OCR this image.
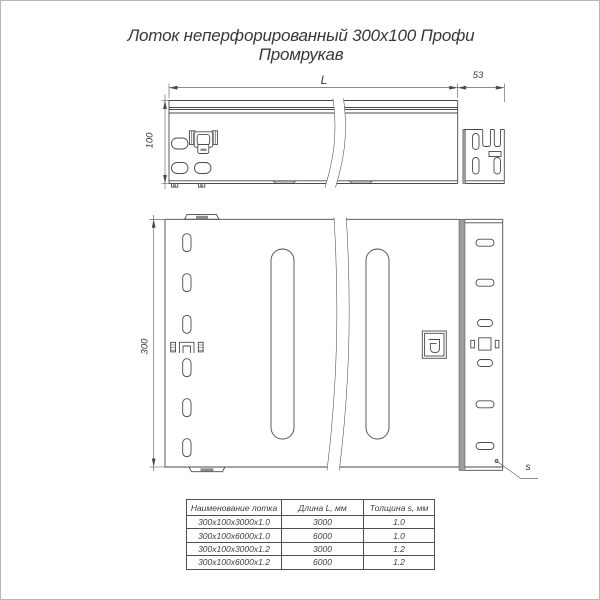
Лоток неперфорированный 300х100 Профи
Промрукав
L	53
100
300
s
Наименование лотка	Длина L, мм	Толщина s, мм
300х100х3000х1.0	3000	1.0
300х100х6000х1.0	6000	1.0
300х100х3000х1.2	3000	1.2
300х100х6000х1.2	6000	1.2
